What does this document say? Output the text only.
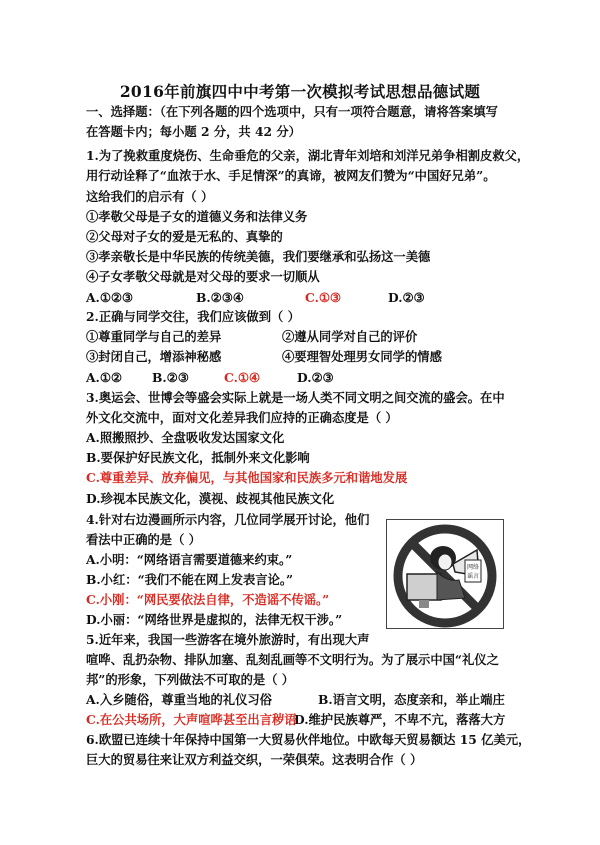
2016年前旗四中中考第一次模拟考试思想品德试题
一、选择题：（在下列各题的四个选项中，只有一项符合题意，请将答案填写
在答题卡内；每小题 2 分，共 42 分）
1.为了挽救重度烧伤、生命垂危的父亲，湖北青年刘培和刘洋兄弟争相割皮救父，
用行动诠释了“血浓于水、手足情深”的真谛，被网友们赞为“中国好兄弟”。
这给我们的启示有（ ）
①孝敬父母是子女的道德义务和法律义务
②父母对子女的爱是无私的、真挚的
③孝亲敬长是中华民族的传统美德，我们要继承和弘扬这一美德
④子女孝敬父母就是对父母的要求一切顺从
A.①②③	B.②③④	C.①③	D.②③
2.正确与同学交往，我们应该做到（ ）
①尊重同学与自己的差异	②遵从同学对自己的评价
③封闭自己，增添神秘感	④要理智处理男女同学的情感
A.①② B.②③	C.①④	D.②③
3.奥运会、世博会等盛会实际上就是一场人类不同文明之间交流的盛会。在中
外文化交流中，面对文化差异我们应持的正确态度是（ ）
A.照搬照抄、全盘吸收发达国家文化
B.要保护好民族文化，抵制外来文化影响
C.尊重差异、放弃偏见，与其他国家和民族多元和谐地发展
D.珍视本民族文化，漠视、歧视其他民族文化
4.针对右边漫画所示内容，几位同学展开讨论，他们
看法中正确的是（ ）
A.小明：“网络语言需要道德来约束。”
B.小红：“我们不能在网上发表言论。”
C.小刚：“网民要依法自律，不造谣不传谣。”
D.小丽：“网络世界是虚拟的，法律无权干涉。”
网络
谣言
5.近年来，我国一些游客在境外旅游时，有出现大声
喧哗、乱扔杂物、排队加塞、乱刻乱画等不文明行为。为了展示中国“礼仪之
邦”的形象，下列做法不可取的是（ ）
A.入乡随俗，尊重当地的礼仪习俗	B.语言文明，态度亲和，举止端庄
C.在公共场所，大声喧哗甚至出言秽语
D.维护民族尊严，不卑不亢，落落大方
6.欧盟已连续十年保持中国第一大贸易伙伴地位。中欧每天贸易额达 15 亿美元，
巨大的贸易往来让双方利益交织，一荣俱荣。这表明合作（ ）
